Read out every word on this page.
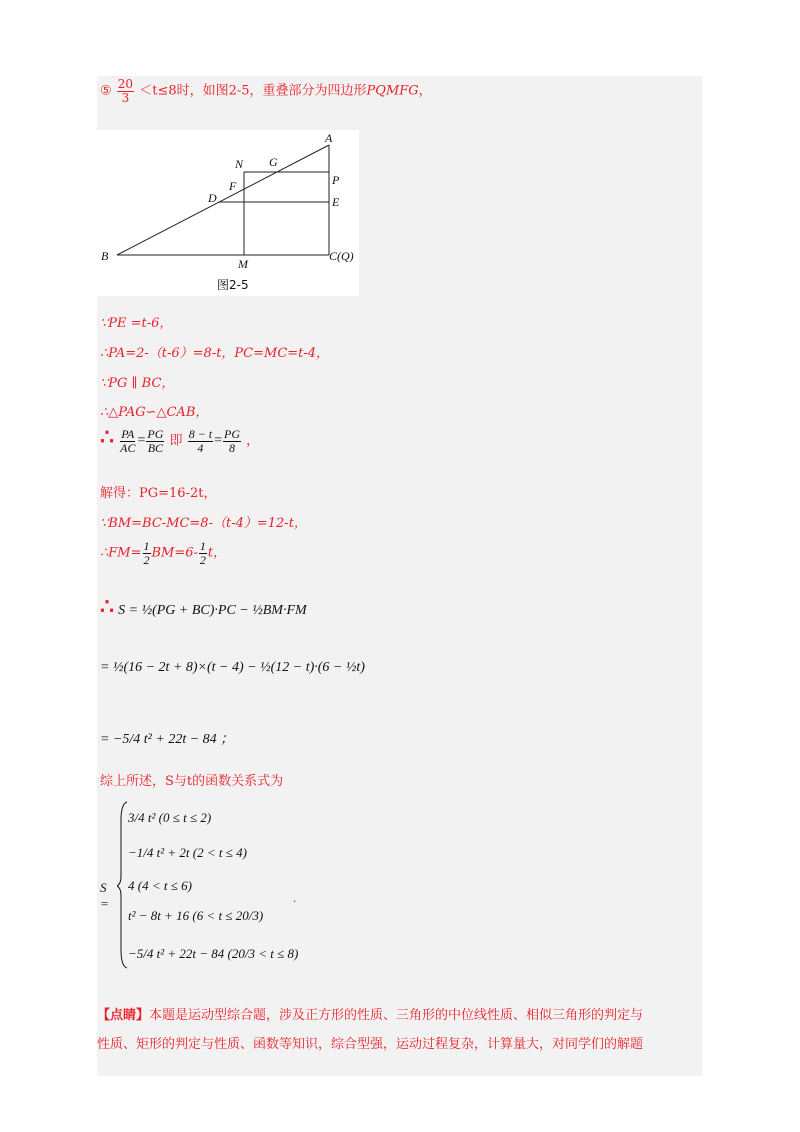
⑤ $\frac{20}{3} <t\le 8$时，如图2-5，重叠部分为四边形PQMFG，
A
B
N G
P
F
D	E
M
C(Q)
图2-5
∵PE =t-6，
∴PA=2-（t-6）=8-t，PC=MC=t-4，
∵PG ∥ BC，
∴△PAG∽△CAB，
∴ $\frac{PA}{AC} = \frac{PG}{BC}$ 即 $\frac{8 - t}{4} = \frac{PG}{8}$ ，
解得：PG=16-2t，
∵BM=BC-MC=8-（t-4）=12-t，
∴FM= $\frac{1}{2} BM=6- \frac{1}{2}$ t，
∴ S = ½(PG + BC)·PC − ½BM·FM
= ½(16 − 2t + 8)×(t − 4) − ½(12 − t)·(6 − ½t)
= −5/4 t² + 22t − 84 ；
综上所述，S与t的函数关系式为
S =
3/4 t² (0 ≤ t ≤ 2)
−1/4 t² + 2t (2 < t ≤ 4)
4 (4 < t ≤ 6)
t² − 8t + 16 (6 < t ≤ 20/3)
−5/4 t² + 22t − 84 (20/3 < t ≤ 8)
.
【点睛】本题是运动型综合题，涉及正方形的性质、三角形的中位线性质、相似三角形的判定与
性质、矩形的判定与性质、函数等知识，综合型强，运动过程复杂，计算量大，对同学们的解题
